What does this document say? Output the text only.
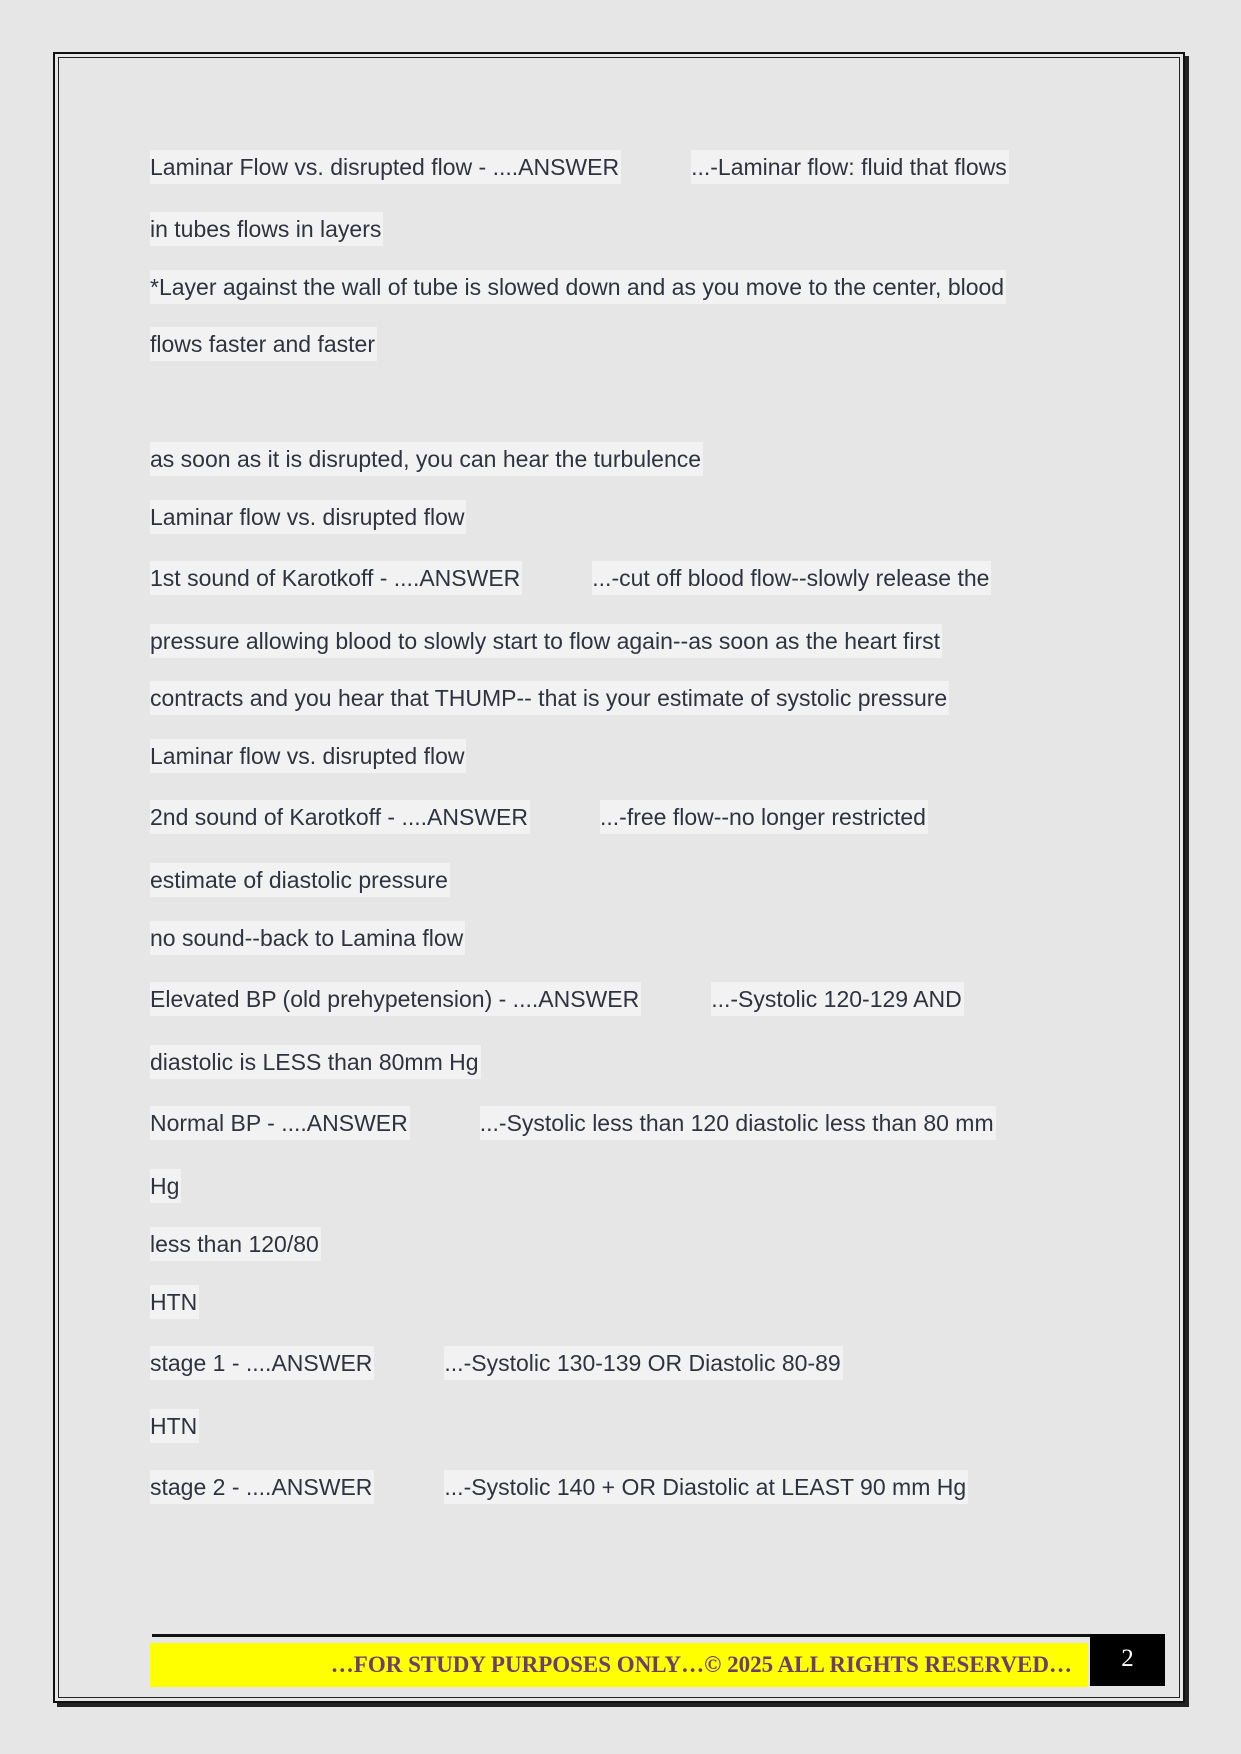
Laminar Flow vs. disrupted flow - ....ANSWER	...-Laminar flow: fluid that flows
in tubes flows in layers
*Layer against the wall of tube is slowed down and as you move to the center, blood
flows faster and faster
as soon as it is disrupted, you can hear the turbulence
Laminar flow vs. disrupted flow
1st sound of Karotkoff - ....ANSWER	...-cut off blood flow--slowly release the
pressure allowing blood to slowly start to flow again--as soon as the heart first
contracts and you hear that THUMP-- that is your estimate of systolic pressure
Laminar flow vs. disrupted flow
2nd sound of Karotkoff - ....ANSWER	...-free flow--no longer restricted
estimate of diastolic pressure
no sound--back to Lamina flow
Elevated BP (old prehypetension) - ....ANSWER	...-Systolic 120-129 AND
diastolic is LESS than 80mm Hg
Normal BP - ....ANSWER	...-Systolic less than 120 diastolic less than 80 mm
Hg
less than 120/80
HTN
stage 1 - ....ANSWER	...-Systolic 130-139 OR Diastolic 80-89
HTN
stage 2 - ....ANSWER	...-Systolic 140 + OR Diastolic at LEAST 90 mm Hg
…FOR STUDY PURPOSES ONLY…© 2025 ALL RIGHTS RESERVED…	2
